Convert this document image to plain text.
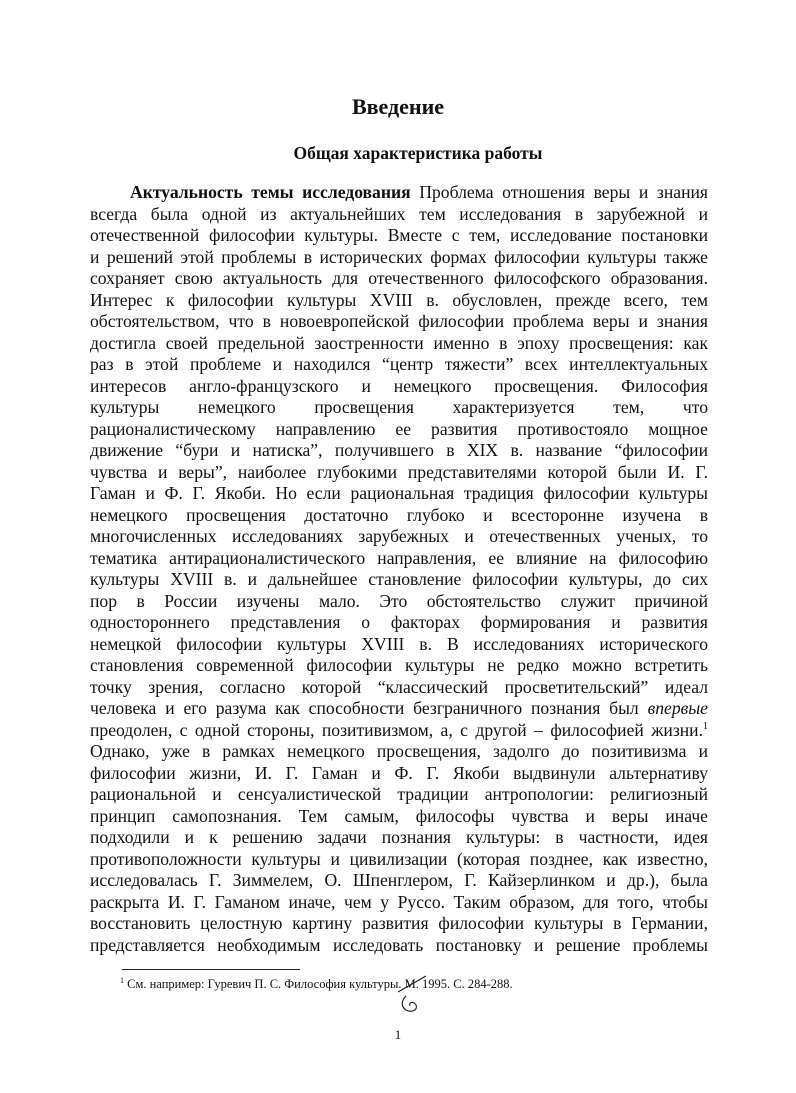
Введение
Общая характеристика работы
Актуальность темы исследования Проблема отношения веры и знания
всегда была одной из актуальнейших тем исследования в зарубежной и
отечественной философии культуры. Вместе с тем, исследование постановки
и решений этой проблемы в исторических формах философии культуры также
сохраняет свою актуальность для отечественного философского образования.
Интерес к философии культуры XVIII в. обусловлен, прежде всего, тем
обстоятельством, что в новоевропейской философии проблема веры и знания
достигла своей предельной заостренности именно в эпоху просвещения: как
раз в этой проблеме и находился “центр тяжести” всех интеллектуальных
интересов англо-французского и немецкого просвещения. Философия
культуры немецкого просвещения характеризуется тем, что
рационалистическому направлению ее развития противостояло мощное
движение “бури и натиска”, получившего в XIX в. название “философии
чувства и веры”, наиболее глубокими представителями которой были И. Г.
Гаман и Ф. Г. Якоби. Но если рациональная традиция философии культуры
немецкого просвещения достаточно глубоко и всесторонне изучена в
многочисленных исследованиях зарубежных и отечественных ученых, то
тематика антирационалистического направления, ее влияние на философию
культуры XVIII в. и дальнейшее становление философии культуры, до сих
пор в России изучены мало. Это обстоятельство служит причиной
одностороннего представления о факторах формирования и развития
немецкой философии культуры XVIII в. В исследованиях исторического
становления современной философии культуры не редко можно встретить
точку зрения, согласно которой “классический просветительский” идеал
человека и его разума как способности безграничного познания был впервые
преодолен, с одной стороны, позитивизмом, а, с другой – философией жизни.$^1$
Однако, уже в рамках немецкого просвещения, задолго до позитивизма и
философии жизни, И. Г. Гаман и Ф. Г. Якоби выдвинули альтернативу
рациональной и сенсуалистической традиции антропологии: религиозный
принцип самопознания. Тем самым, философы чувства и веры иначе
подходили и к решению задачи познания культуры: в частности, идея
противоположности культуры и цивилизации (которая позднее, как известно,
исследовалась Г. Зиммелем, О. Шпенглером, Г. Кайзерлинком и др.), была
раскрыта И. Г. Гаманом иначе, чем у Руссо. Таким образом, для того, чтобы
восстановить целостную картину развития философии культуры в Германии,
представляется необходимым исследовать постановку и решение проблемы
$^1$ См. например: Гуревич П. С. Философия культуры. М. 1995. С. 284-288.
1
